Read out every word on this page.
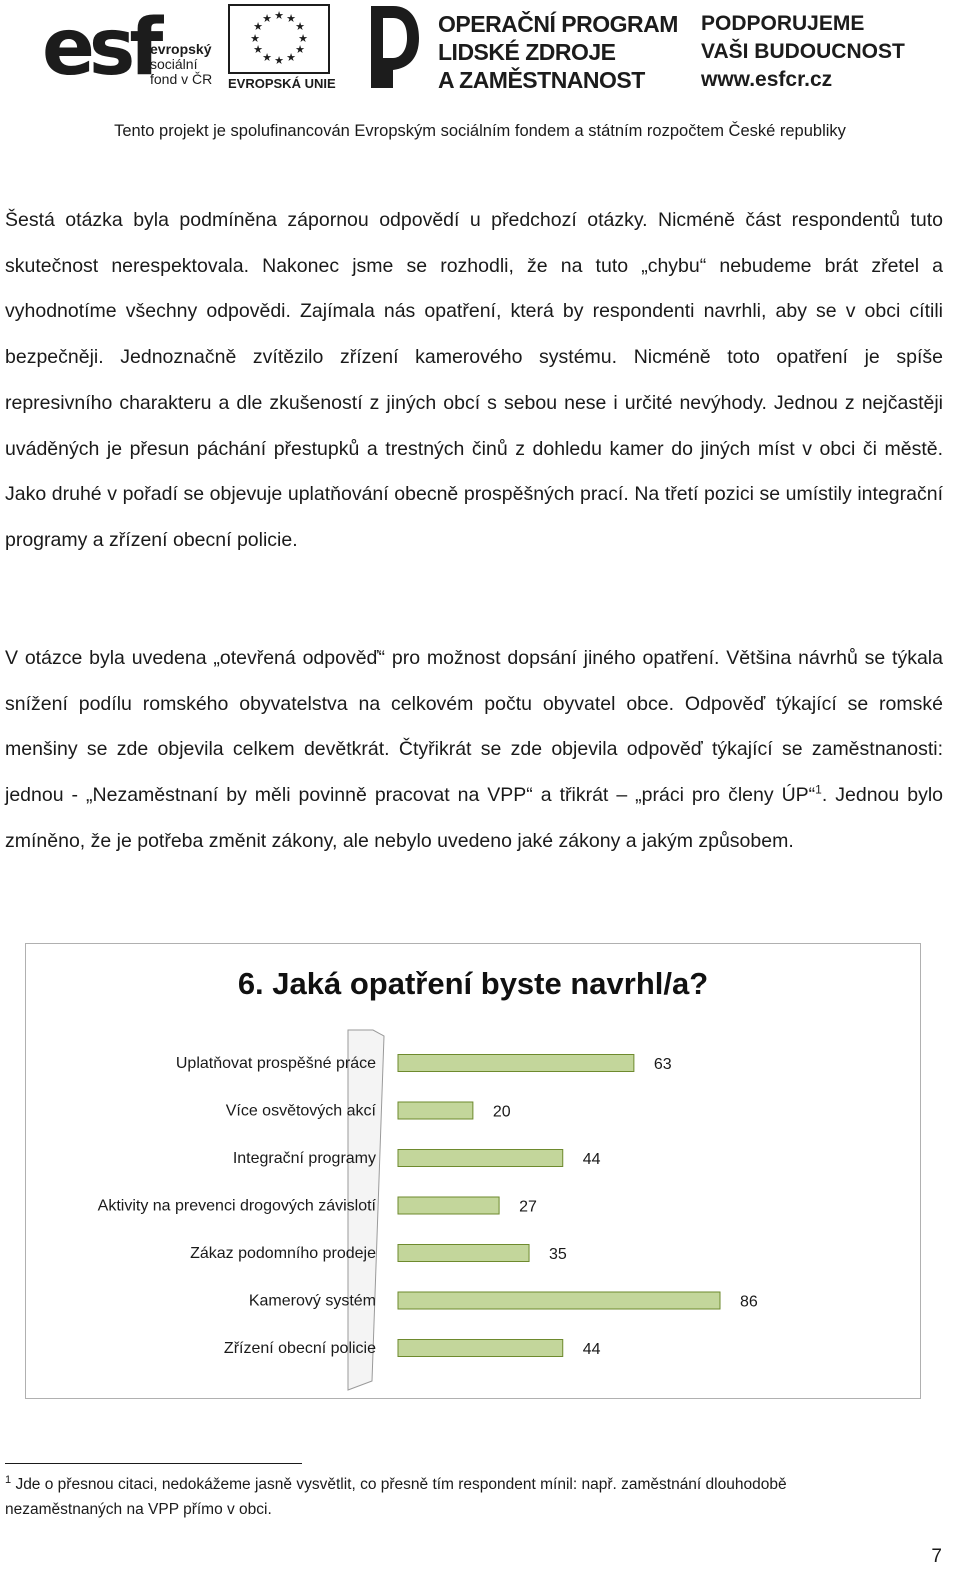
esf
evropský
sociální
fond v ČR
★ ★
★
★
★
★
★
★
★
★
★
★
EVROPSKÁ UNIE
OPERAČNÍ PROGRAM
LIDSKÉ ZDROJE
A ZAMĚSTNANOST
PODPORUJEME
VAŠI BUDOUCNOST
www.esfcr.cz
Tento projekt je spolufinancován Evropským sociálním fondem a státním rozpočtem České republiky

Šestá otázka byla podmíněna zápornou odpovědí u předchozí otázky. Nicméně část respondentů tuto skutečnost nerespektovala. Nakonec jsme se rozhodli, že na tuto „chybu“ nebudeme brát zřetel a vyhodnotíme všechny odpovědi. Zajímala nás opatření, která by respondenti navrhli, aby se v obci cítili bezpečněji. Jednoznačně zvítězilo zřízení kamerového systému. Nicméně toto opatření je spíše represivního charakteru a dle zkušeností z jiných obcí s sebou nese i určité nevýhody. Jednou z nejčastěji uváděných je přesun páchání přestupků a trestných činů z dohledu kamer do jiných míst v obci či městě. Jako druhé v pořadí se objevuje uplatňování obecně prospěšných prací. Na třetí pozici se umístily integrační programy a zřízení obecní policie.

V otázce byla uvedena „otevřená odpověď“ pro možnost dopsání jiného opatření. Většina návrhů se týkala snížení podílu romského obyvatelstva na celkovém počtu obyvatel obce. Odpověď týkající se romské menšiny se zde objevila celkem devětkrát. Čtyřikrát se zde objevila odpověď týkající se zaměstnanosti: jednou - „Nezaměstnaní by měli povinně pracovat na VPP“ a třikrát – „práci pro členy ÚP“$^1$. Jednou bylo zmíněno, že je potřeba změnit zákony, ale nebylo uvedeno jaké zákony a jakým způsobem.

6. Jaká opatření byste navrhl/a?
Uplatňovat prospěšné práce	63
Více osvětových akcí	20
Integrační programy	44
Aktivity na prevenci drogových závislotí	27
Zákaz podomního prodeje	35
Kamerový systém	86
Zřízení obecní policie	44
$^1$ Jde o přesnou citaci, nedokážeme jasně vysvětlit, co přesně tím respondent mínil: např. zaměstnání dlouhodobě nezaměstnaných na VPP přímo v obci.
7
